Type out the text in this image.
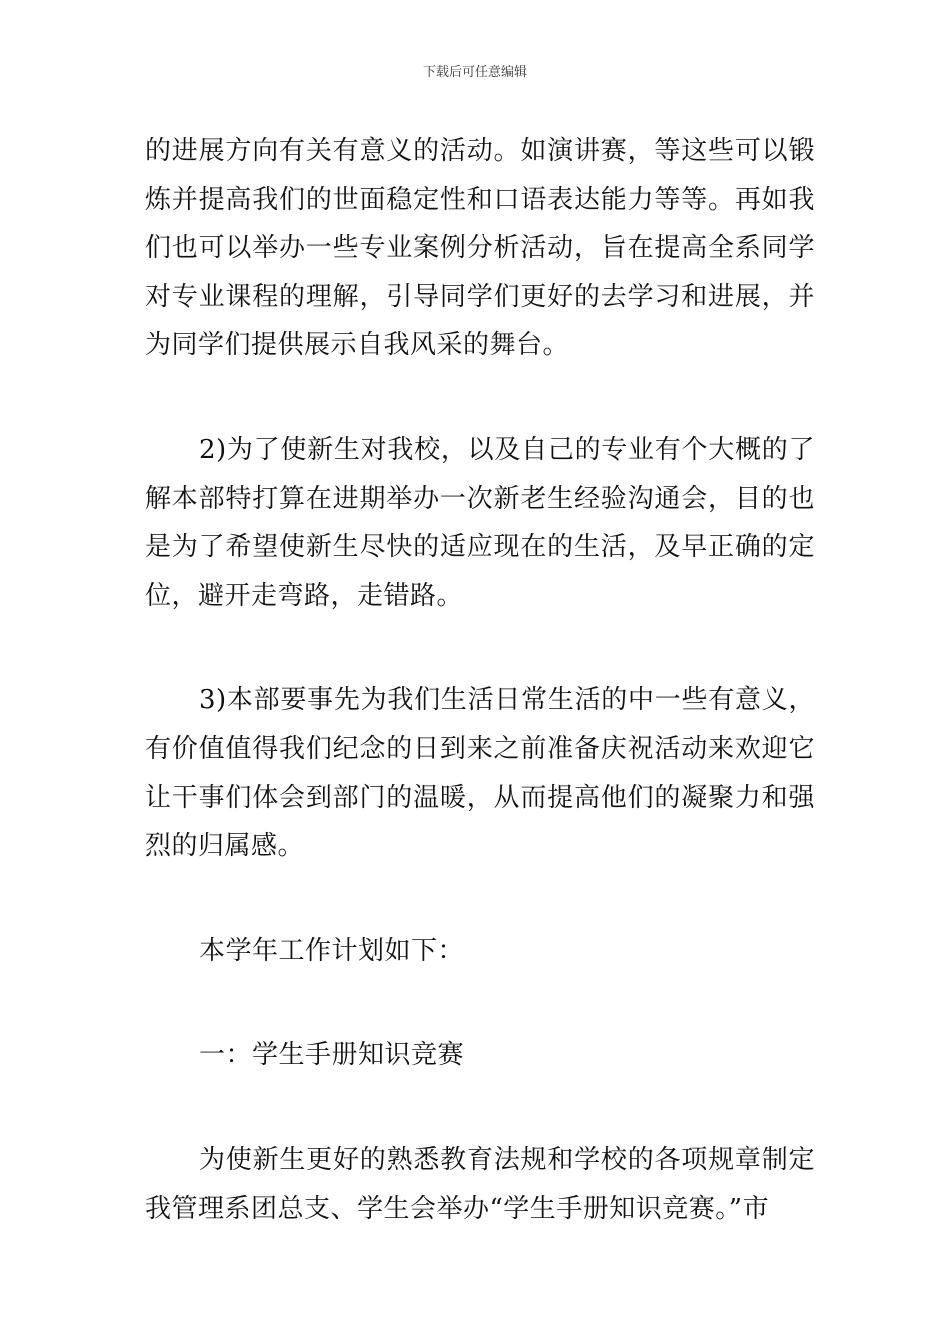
下载后可任意编辑

的进展方向有关有意义的活动。如演讲赛，等这些可以锻炼并提高我们的世面稳定性和口语表达能力等等。再如我们也可以举办一些专业案例分析活动，旨在提高全系同学对专业课程的理解，引导同学们更好的去学习和进展，并为同学们提供展示自我风采的舞台。

2)为了使新生对我校，以及自己的专业有个大概的了解本部特打算在进期举办一次新老生经验沟通会，目的也是为了希望使新生尽快的适应现在的生活，及早正确的定位，避开走弯路，走错路。

3)本部要事先为我们生活日常生活的中一些有意义，有价值值得我们纪念的日到来之前准备庆祝活动来欢迎它让干事们体会到部门的温暖，从而提高他们的凝聚力和强烈的归属感。

本学年工作计划如下：

一：学生手册知识竞赛

为使新生更好的熟悉教育法规和学校的各项规章制定我管理系团总支、学生会举办“学生手册知识竞赛。”市
